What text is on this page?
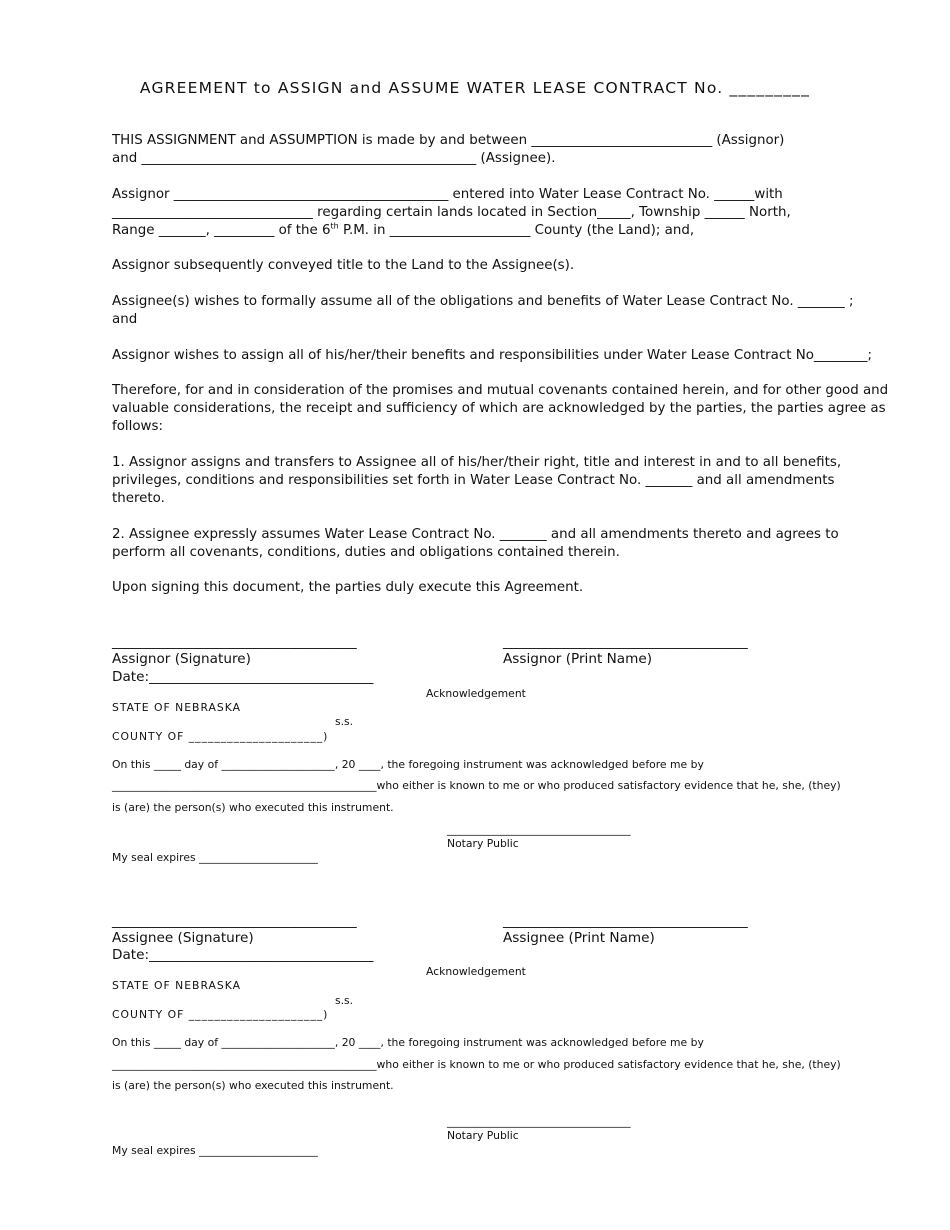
AGREEMENT to ASSIGN and ASSUME WATER LEASE CONTRACT No. _________
THIS ASSIGNMENT and ASSUMPTION is made by and between ___________________________ (Assignor)
and __________________________________________________ (Assignee).
Assignor _________________________________________ entered into Water Lease Contract No. ______with
______________________________ regarding certain lands located in Section_____, Township ______ North,
Range _______, _________ of the 6th P.M. in _____________________ County (the Land); and,
Assignor subsequently conveyed title to the Land to the Assignee(s).
Assignee(s) wishes to formally assume all of the obligations and benefits of Water Lease Contract No. _______ ;
and
Assignor wishes to assign all of his/her/their benefits and responsibilities under Water Lease Contract No________;
Therefore, for and in consideration of the promises and mutual covenants contained herein, and for other good and
valuable considerations, the receipt and sufficiency of which are acknowledged by the parties, the parties agree as
follows:
1. Assignor assigns and transfers to Assignee all of his/her/their right, title and interest in and to all benefits,
privileges, conditions and responsibilities set forth in Water Lease Contract No. _______ and all amendments
thereto.
2. Assignee expressly assumes Water Lease Contract No. _______ and all amendments thereto and agrees to
perform all covenants, conditions, duties and obligations contained therein.
Upon signing this document, the parties duly execute this Agreement.
____________________________________	____________________________________
Assignor (Signature)	Assignor (Print Name)
Date:_________________________________
Acknowledgement
STATE OF NEBRASKA
s.s.
COUNTY OF _____________________)
On this _____ day of _____________________, 20 ____, the foregoing instrument was acknowledged before me by
_________________________________________________who either is known to me or who produced satisfactory evidence that he, she, (they)
is (are) the person(s) who executed this instrument.
__________________________________
Notary Public
My seal expires ______________________
____________________________________	____________________________________
Assignee (Signature)	Assignee (Print Name)
Date:_________________________________
Acknowledgement
STATE OF NEBRASKA
s.s.
COUNTY OF _____________________)
On this _____ day of _____________________, 20 ____, the foregoing instrument was acknowledged before me by
_________________________________________________who either is known to me or who produced satisfactory evidence that he, she, (they)
is (are) the person(s) who executed this instrument.
__________________________________
Notary Public
My seal expires ______________________
